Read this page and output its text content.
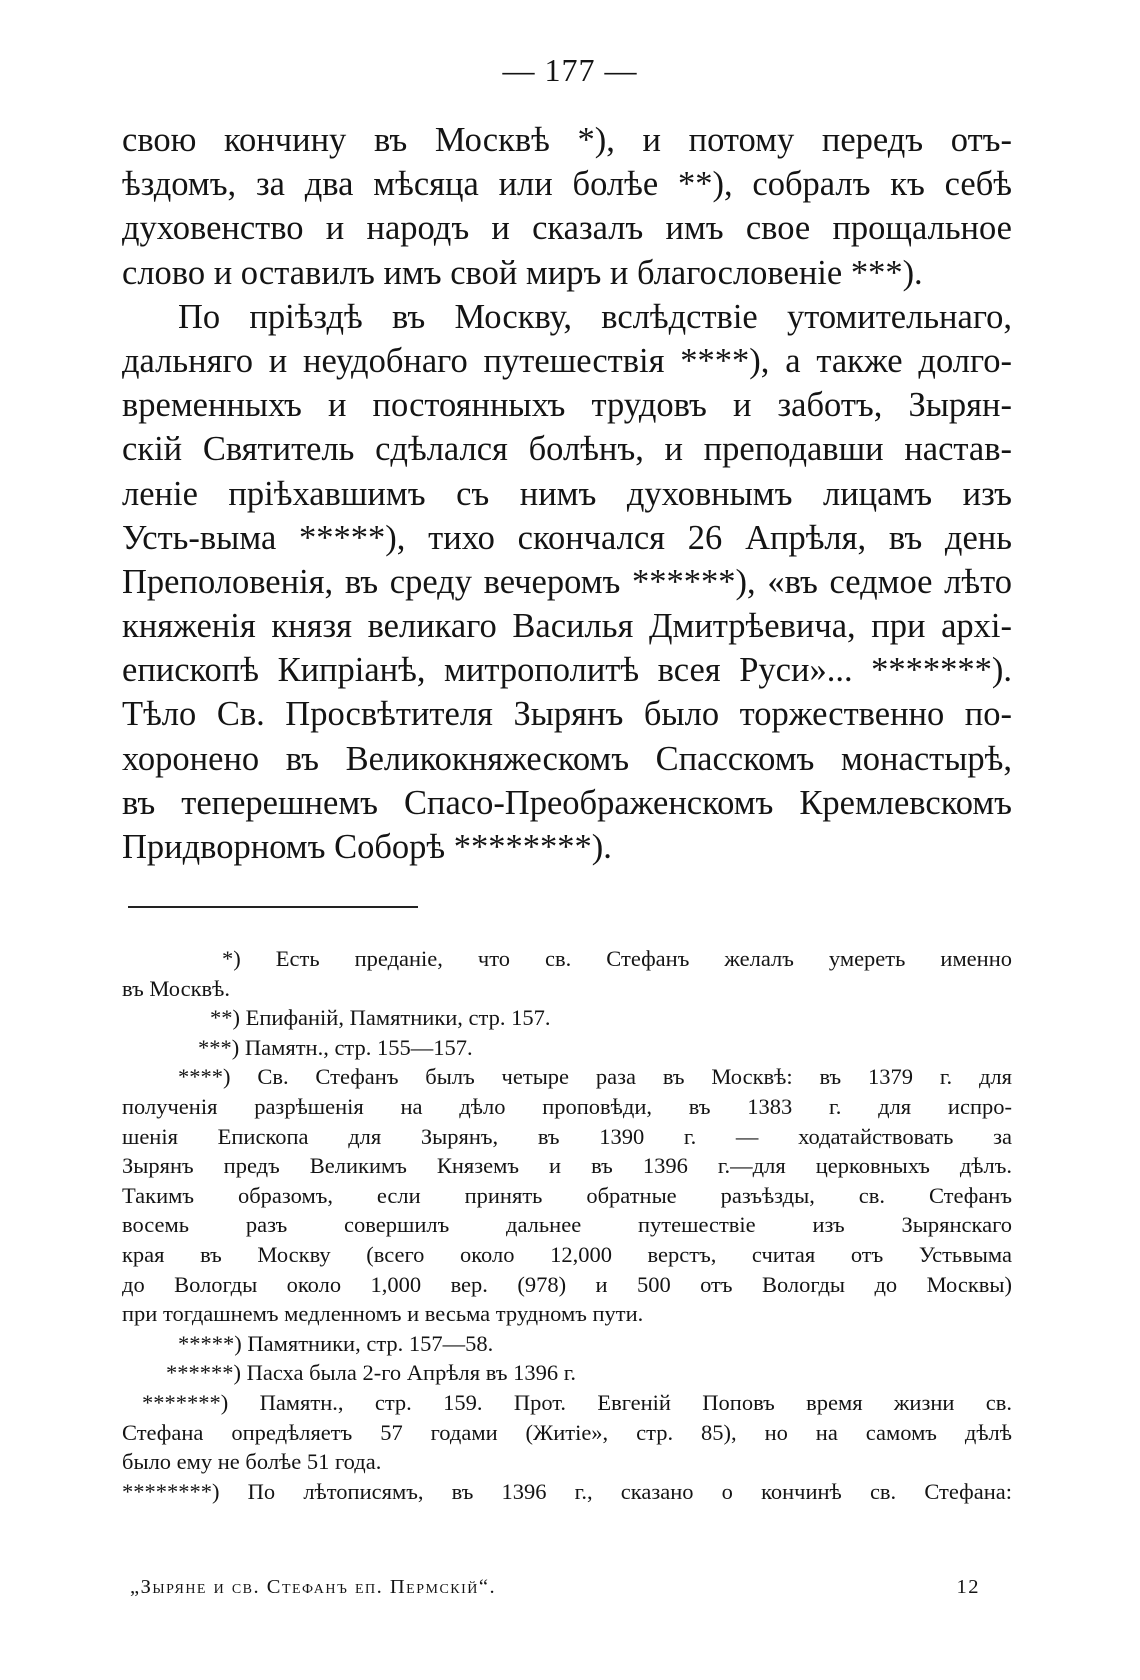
— 177 —
свою кончину въ Москвѣ *), и потому передъ отъ-
ѣздомъ, за два мѣсяца или болѣе **), собралъ къ себѣ
духовенство и народъ и сказалъ имъ свое прощальное
слово и оставилъ имъ свой миръ и благословеніе ***).
По пріѣздѣ въ Москву, вслѣдствіе утомительнаго,
дальняго и неудобнаго путешествія ****), а также долго-
временныхъ и постоянныхъ трудовъ и заботъ, Зырян-
скій Святитель сдѣлался болѣнъ, и преподавши настав-
леніе пріѣхавшимъ съ нимъ духовнымъ лицамъ изъ
Усть-выма *****), тихо скончался 26 Апрѣля, въ день
Преполовенія, въ среду вечеромъ ******), «въ седмое лѣто
княженія князя великаго Василья Дмитрѣевича, при архі-
епископѣ Кипріанѣ, митрополитѣ всея Руси»... *******).
Тѣло Св. Просвѣтителя Зырянъ было торжественно по-
хоронено въ Великокняжескомъ Спасскомъ монастырѣ,
въ теперешнемъ Спасо-Преображенскомъ Кремлевскомъ
Придворномъ Соборѣ ********).
*) Есть преданіе, что св. Стефанъ желалъ умереть именно
въ Москвѣ.
**) Епифаній, Памятники, стр. 157.
***) Памятн., стр. 155—157.
****) Св. Стефанъ былъ четыре раза въ Москвѣ: въ 1379 г. для
полученія разрѣшенія на дѣло проповѣди, въ 1383 г. для испро-
шенія Епископа для Зырянъ, въ 1390 г. — ходатайствовать за
Зырянъ предъ Великимъ Княземъ и въ 1396 г.—для церковныхъ дѣлъ.
Такимъ образомъ, если принять обратные разъѣзды, св. Стефанъ
восемь разъ совершилъ дальнее путешествіе изъ Зырянскаго
края въ Москву (всего около 12,000 верстъ, считая отъ Устьвыма
до Вологды около 1,000 вер. (978) и 500 отъ Вологды до Москвы)
при тогдашнемъ медленномъ и весьма трудномъ пути.
*****) Памятники, стр. 157—58.
******) Пасха была 2-го Апрѣля въ 1396 г.
*******) Памятн., стр. 159. Прот. Евгеній Поповъ время жизни св.
Стефана опредѣляетъ 57 годами (Житіе», стр. 85), но на самомъ дѣлѣ
было ему не болѣе 51 года.
********) По лѣтописямъ, въ 1396 г., сказано о кончинѣ св. Стефана:
„Зыряне и св. Стефанъ еп. Пермскій“.	12
